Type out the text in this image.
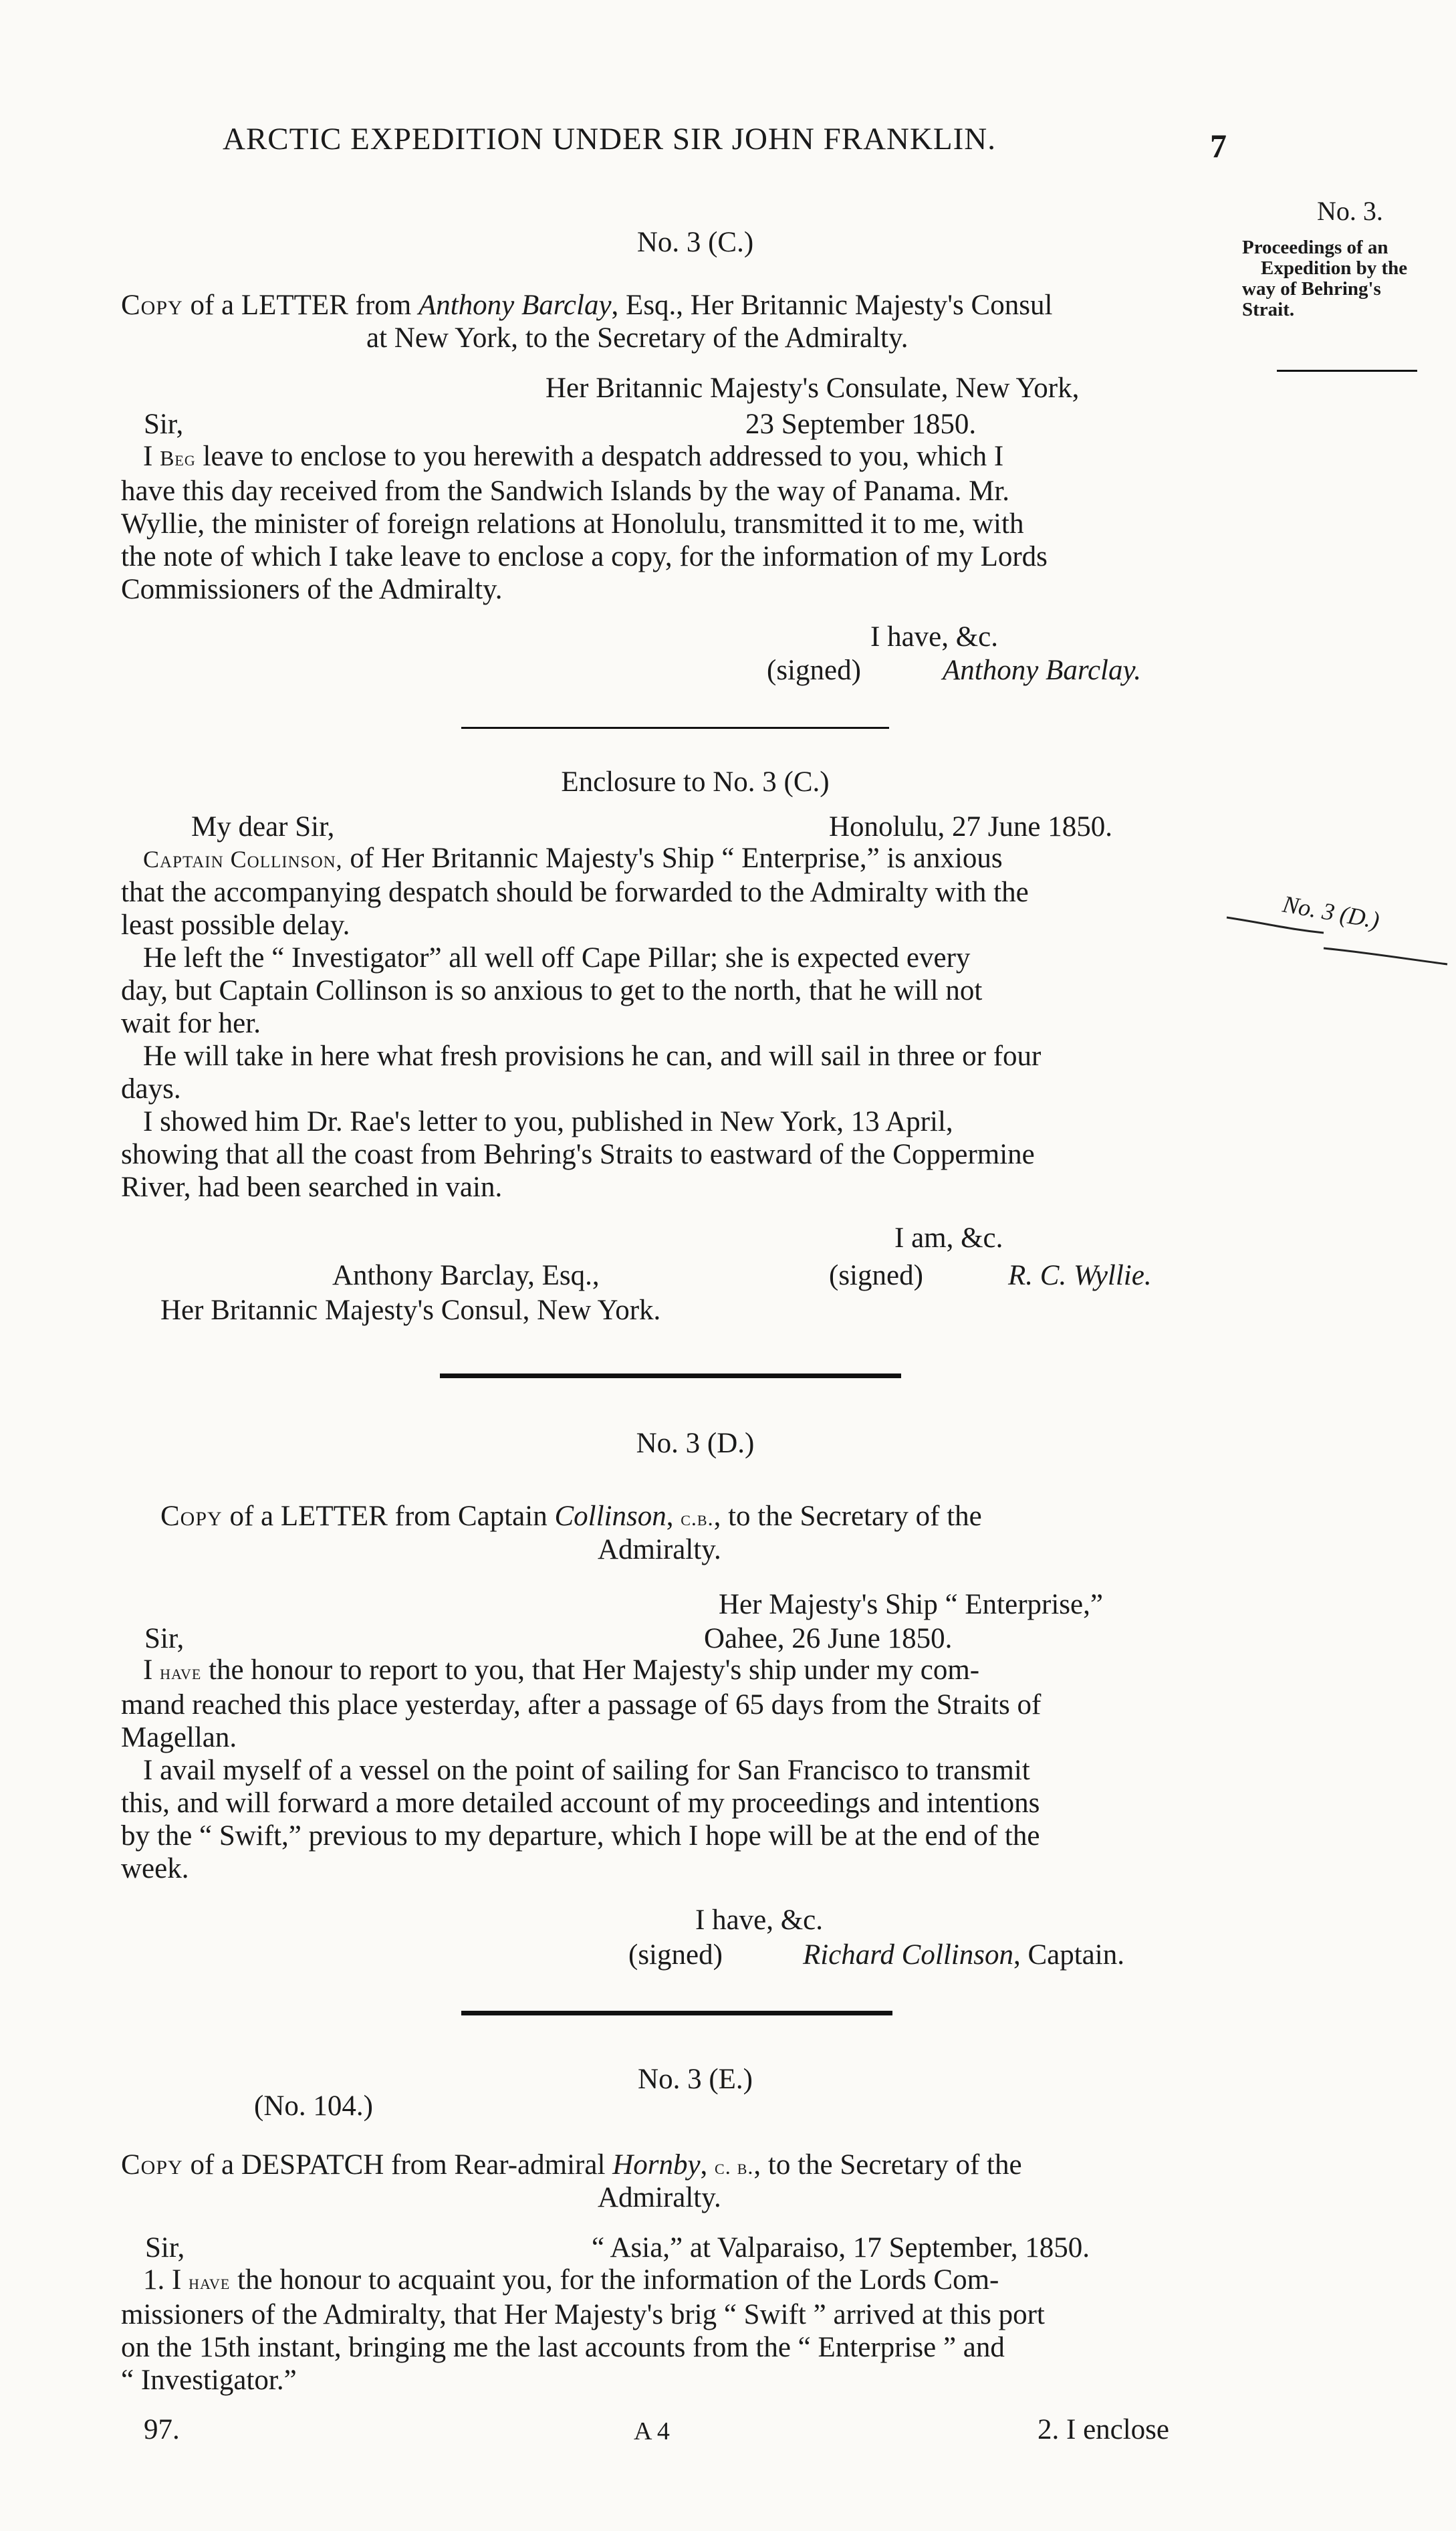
ARCTIC EXPEDITION UNDER SIR JOHN FRANKLIN.	7
No. 3.
Proceedings of an
Expedition by the
way of Behring's
Strait.
No. 3 (D.)
No. 3 (C.)
Copy of a LETTER from Anthony Barclay, Esq., Her Britannic Majesty's Consul
at New York, to the Secretary of the Admiralty.
Her Britannic Majesty's Consulate, New York,
Sir,	23 September 1850.
I Beg leave to enclose to you herewith a despatch addressed to you, which I
have this day received from the Sandwich Islands by the way of Panama. Mr.
Wyllie, the minister of foreign relations at Honolulu, transmitted it to me, with
the note of which I take leave to enclose a copy, for the information of my Lords
Commissioners of the Admiralty.
I have, &c.
(signed)	Anthony Barclay.
Enclosure to No. 3 (C.)
My dear Sir,	Honolulu, 27 June 1850.
Captain Collinson, of Her Britannic Majesty's Ship “ Enterprise,” is anxious
that the accompanying despatch should be forwarded to the Admiralty with the
least possible delay.
He left the “ Investigator” all well off Cape Pillar; she is expected every
day, but Captain Collinson is so anxious to get to the north, that he will not
wait for her.
He will take in here what fresh provisions he can, and will sail in three or four
days.
I showed him Dr. Rae's letter to you, published in New York, 13 April,
showing that all the coast from Behring's Straits to eastward of the Coppermine
River, had been searched in vain.
I am, &c.
Anthony Barclay, Esq.,	(signed)	R. C. Wyllie.
Her Britannic Majesty's Consul, New York.
No. 3 (D.)
Copy of a LETTER from Captain Collinson, c.b., to the Secretary of the
Admiralty.
Her Majesty's Ship “ Enterprise,”
Sir,	Oahee, 26 June 1850.
I have the honour to report to you, that Her Majesty's ship under my com-
mand reached this place yesterday, after a passage of 65 days from the Straits of
Magellan.
I avail myself of a vessel on the point of sailing for San Francisco to transmit
this, and will forward a more detailed account of my proceedings and intentions
by the “ Swift,” previous to my departure, which I hope will be at the end of the
week.
I have, &c.
(signed)	Richard Collinson, Captain.
No. 3 (E.)
(No. 104.)
Copy of a DESPATCH from Rear-admiral Hornby, c. b., to the Secretary of the
Admiralty.
Sir,	“ Asia,” at Valparaiso, 17 September, 1850.
1. I have the honour to acquaint you, for the information of the Lords Com-
missioners of the Admiralty, that Her Majesty's brig “ Swift ” arrived at this port
on the 15th instant, bringing me the last accounts from the “ Enterprise ” and
“ Investigator.”
97.	A 4	2. I enclose
